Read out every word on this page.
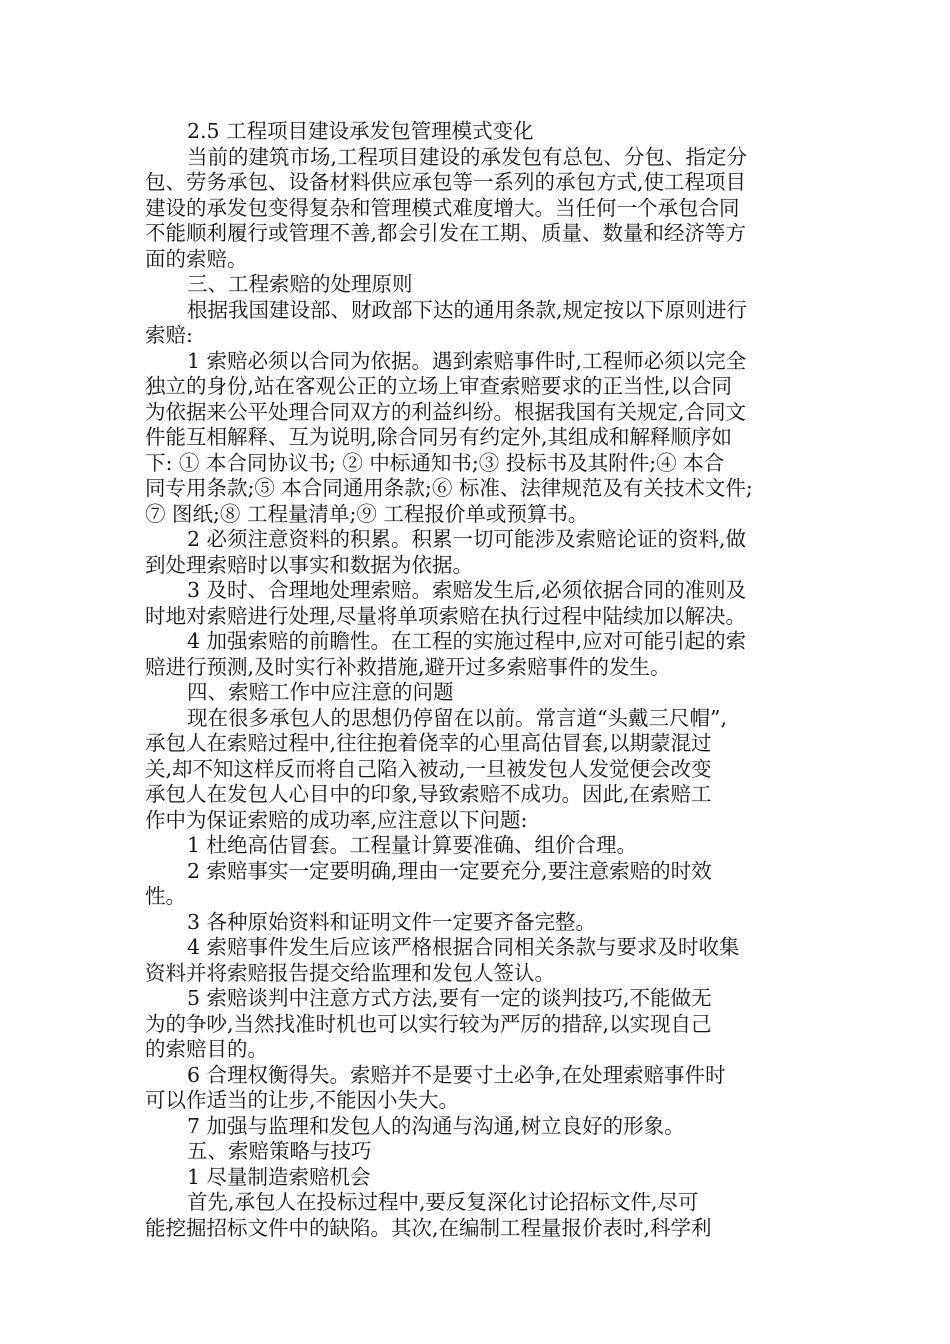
2.5 工程项目建设承发包管理模式变化
当前的建筑市场,工程项目建设的承发包有总包、分包、指定分
包、劳务承包、设备材料供应承包等一系列的承包方式,使工程项目
建设的承发包变得复杂和管理模式难度增大。当任何一个承包合同
不能顺利履行或管理不善,都会引发在工期、质量、数量和经济等方
面的索赔。
三、工程索赔的处理原则
根据我国建设部、财政部下达的通用条款,规定按以下原则进行
索赔:
1 索赔必须以合同为依据。遇到索赔事件时,工程师必须以完全
独立的身份,站在客观公正的立场上审查索赔要求的正当性,以合同
为依据来公平处理合同双方的利益纠纷。根据我国有关规定,合同文
件能互相解释、互为说明,除合同另有约定外,其组成和解释顺序如
下: ① 本合同协议书; ② 中标通知书;③ 投标书及其附件;④ 本合
同专用条款;⑤ 本合同通用条款;⑥ 标准、法律规范及有关技术文件;
⑦ 图纸;⑧ 工程量清单;⑨ 工程报价单或预算书。
2 必须注意资料的积累。积累一切可能涉及索赔论证的资料,做
到处理索赔时以事实和数据为依据。
3 及时、合理地处理索赔。索赔发生后,必须依据合同的准则及
时地对索赔进行处理,尽量将单项索赔在执行过程中陆续加以解决。
4 加强索赔的前瞻性。在工程的实施过程中,应对可能引起的索
赔进行预测,及时实行补救措施,避开过多索赔事件的发生。
四、索赔工作中应注意的问题
现在很多承包人的思想仍停留在以前。常言道“头戴三尺帽”,
承包人在索赔过程中,往往抱着侥幸的心里高估冒套,以期蒙混过
关,却不知这样反而将自己陷入被动,一旦被发包人发觉便会改变
承包人在发包人心目中的印象,导致索赔不成功。因此,在索赔工
作中为保证索赔的成功率,应注意以下问题:
1 杜绝高估冒套。工程量计算要准确、组价合理。
2 索赔事实一定要明确,理由一定要充分,要注意索赔的时效
性。
3 各种原始资料和证明文件一定要齐备完整。
4 索赔事件发生后应该严格根据合同相关条款与要求及时收集
资料并将索赔报告提交给监理和发包人签认。
5 索赔谈判中注意方式方法,要有一定的谈判技巧,不能做无
为的争吵,当然找准时机也可以实行较为严厉的措辞,以实现自己
的索赔目的。
6 合理权衡得失。索赔并不是要寸土必争,在处理索赔事件时
可以作适当的让步,不能因小失大。
7 加强与监理和发包人的沟通与沟通,树立良好的形象。
五、索赔策略与技巧
1 尽量制造索赔机会
首先,承包人在投标过程中,要反复深化讨论招标文件,尽可
能挖掘招标文件中的缺陷。其次,在编制工程量报价表时,科学利
